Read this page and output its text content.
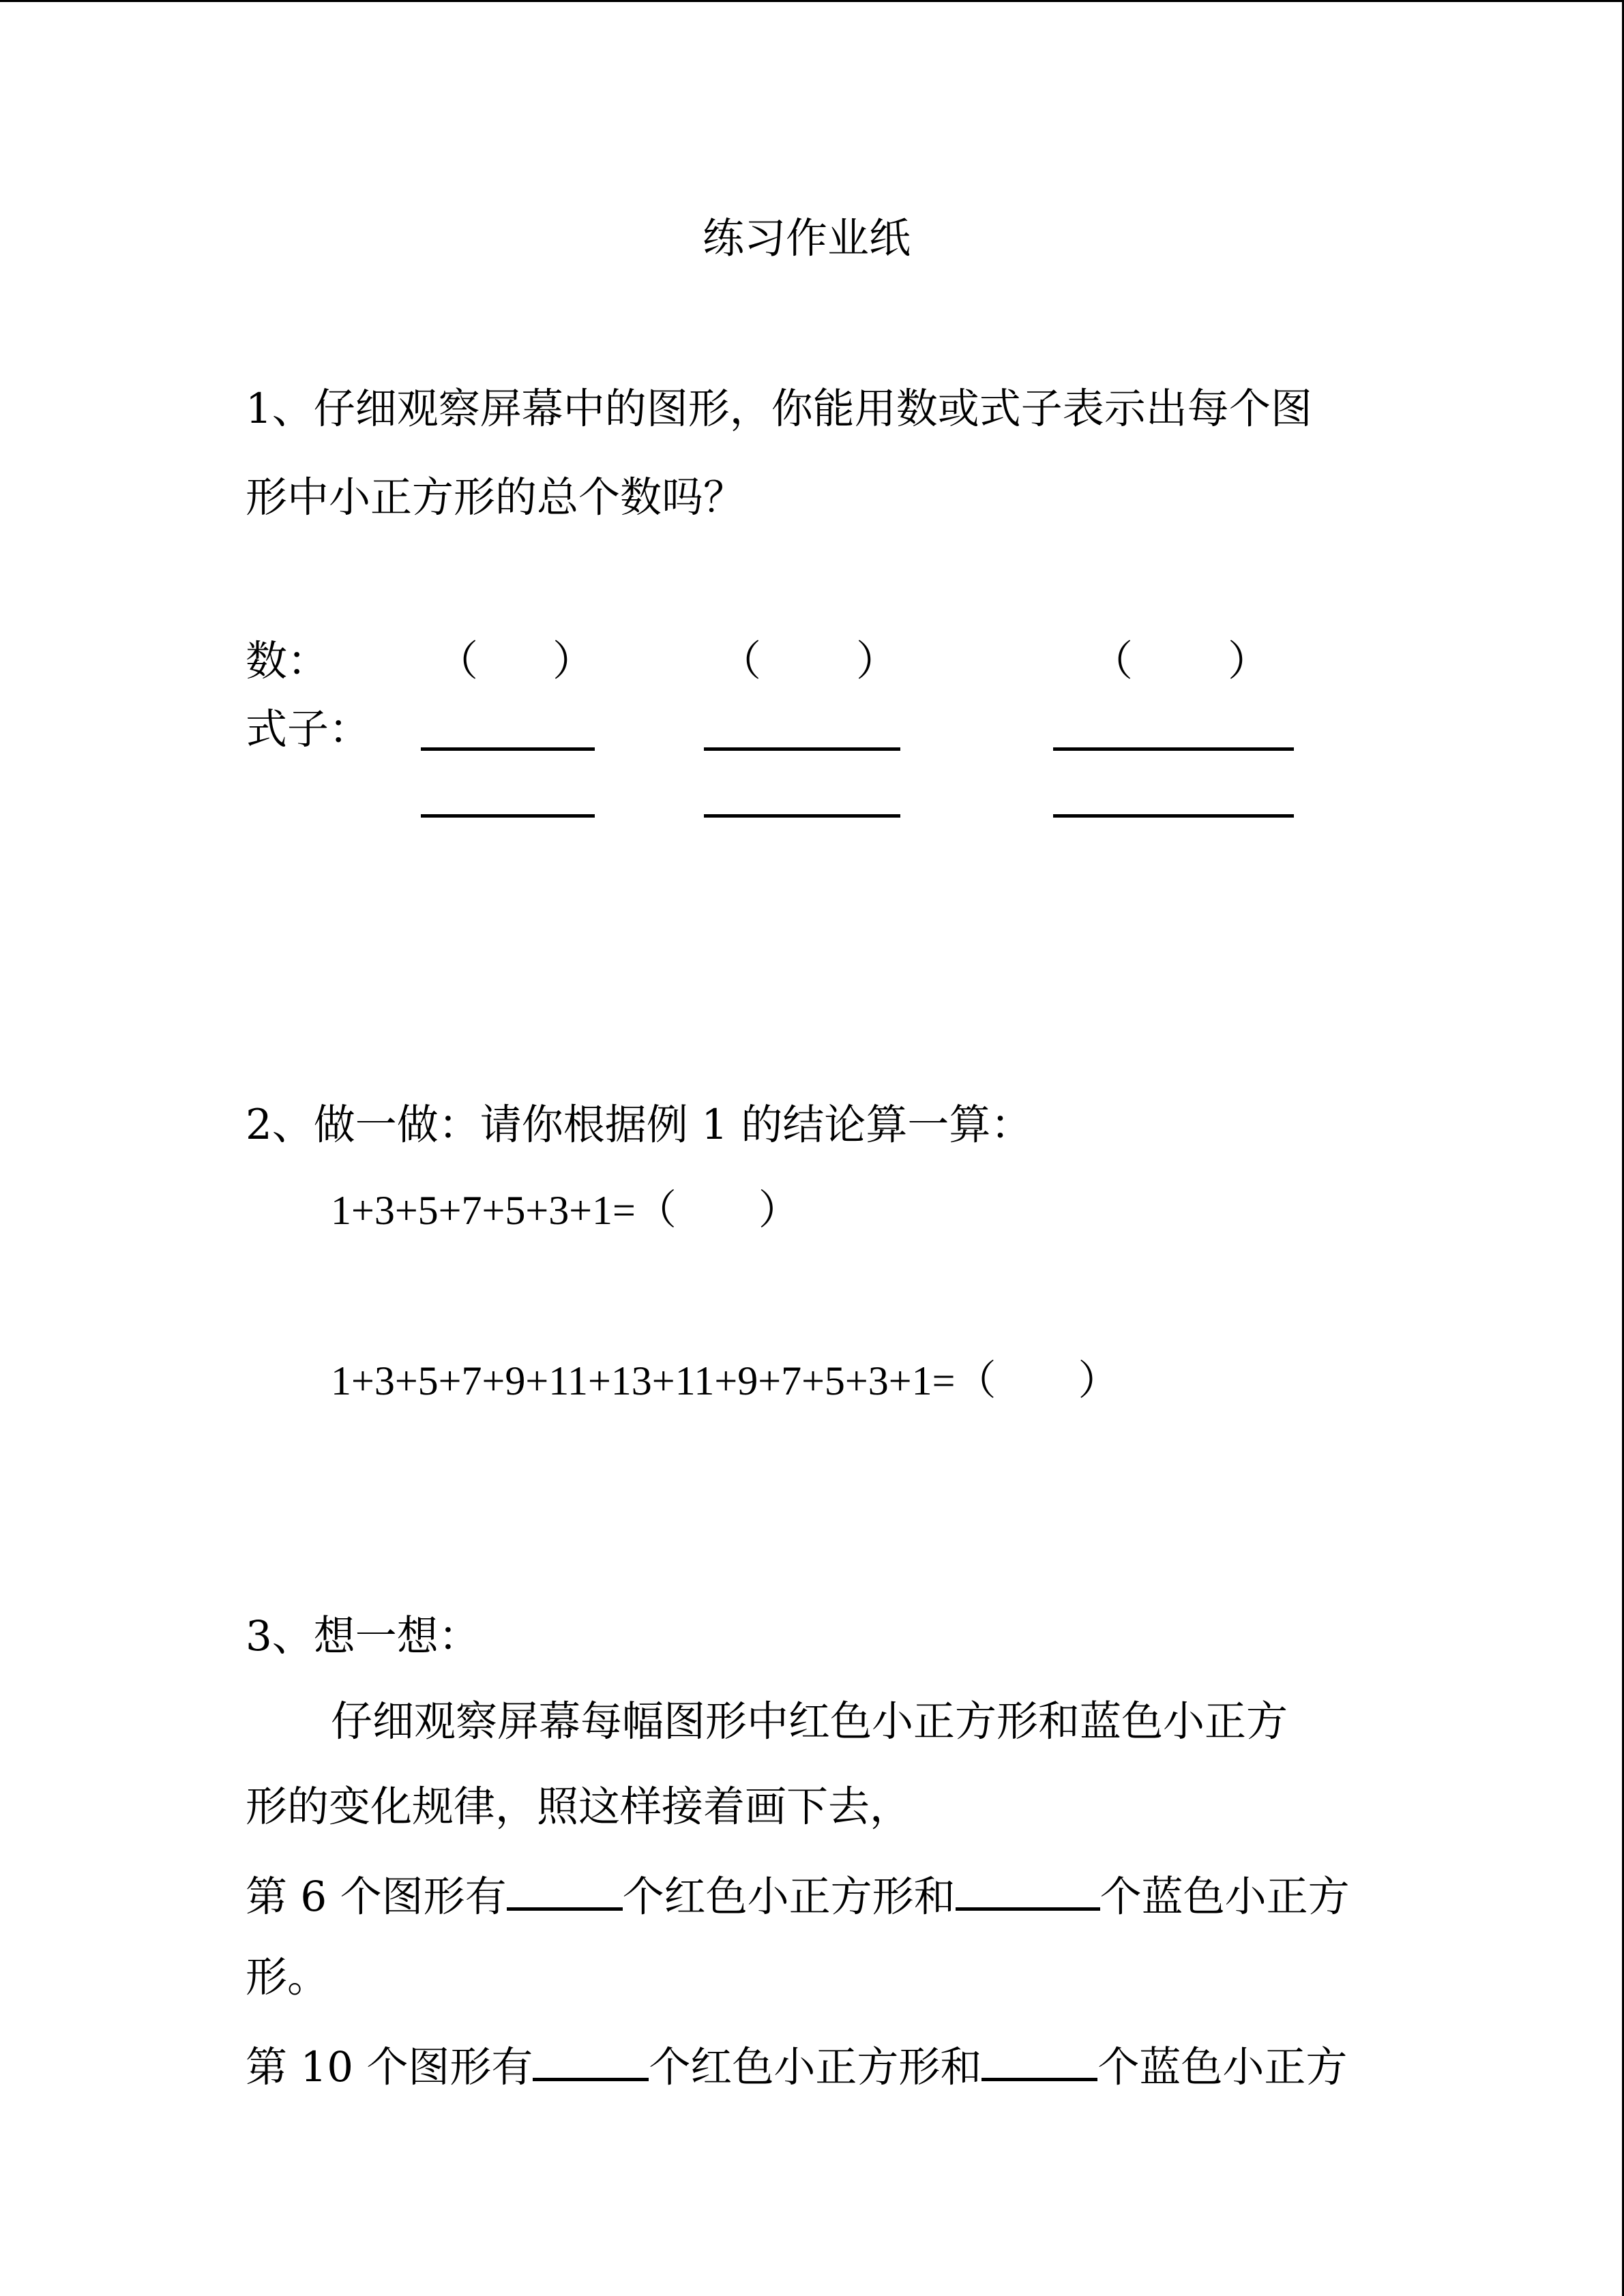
练习作业纸
1、仔细观察屏幕中的图形，你能用数或式子表示出每个图
形中小正方形的总个数吗？
数：	（ ）	（ ）	（ ）
式子：
2、做一做：请你根据例 1 的结论算一算：
1+3+5+7+5+3+1=（　　）
1+3+5+7+9+11+13+11+9+7+5+3+1=（　　）
3、想一想：
仔细观察屏幕每幅图形中红色小正方形和蓝色小正方
形的变化规律，照这样接着画下去，
第 6 个图形有	个红色小正方形和	个蓝色小正方
形。
第 10 个图形有	个红色小正方形和	个蓝色小正方
